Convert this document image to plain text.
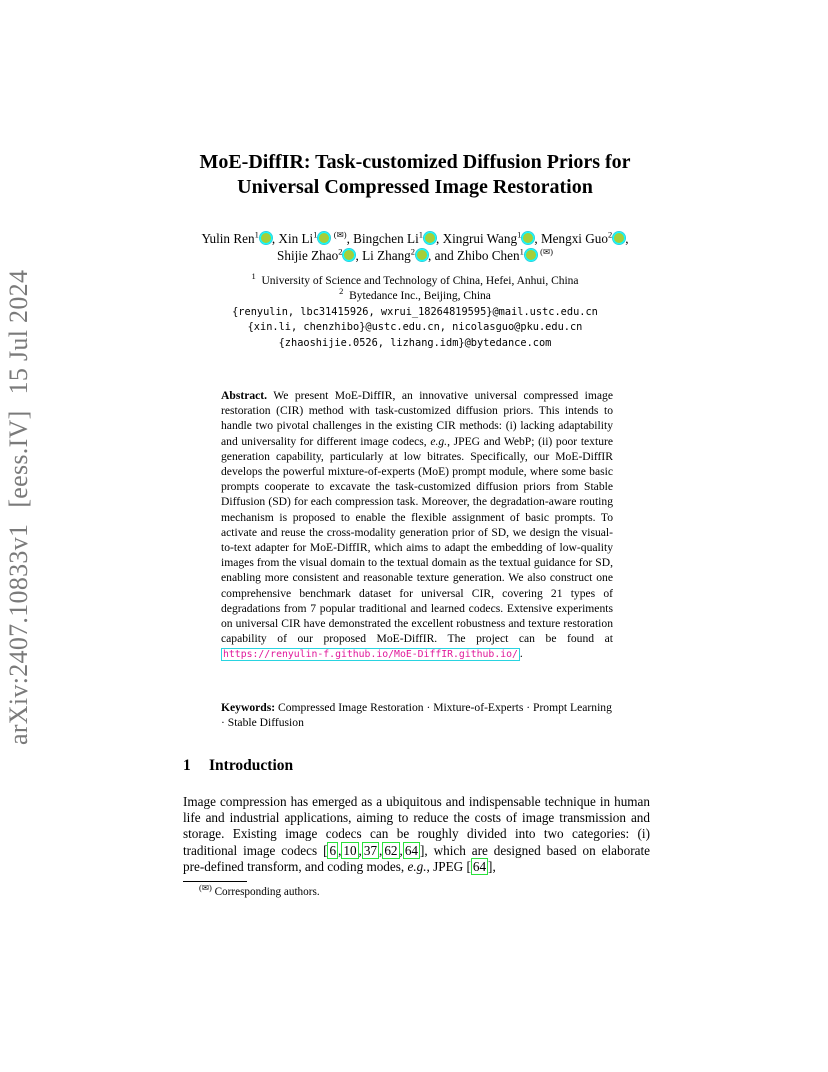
arXiv:2407.10833v1[eess.IV]15 Jul 2024
MoE-DiffIR: Task-customized Diffusion Priors for
Universal Compressed Image Restoration
Yulin Ren$^1$ , Xin Li$^1$ (✉), Bingchen Li$^1$ , Xingrui Wang$^1$ , Mengxi Guo$^2$ ,
Shijie Zhao$^2$ , Li Zhang$^2$ , and Zhibo Chen$^1$ (✉)
$^1$ University of Science and Technology of China, Hefei, Anhui, China
$^2$ Bytedance Inc., Beijing, China
{renyulin, lbc31415926, wxrui_18264819595}@mail.ustc.edu.cn
{xin.li, chenzhibo}@ustc.edu.cn, nicolasguo@pku.edu.cn
{zhaoshijie.0526, lizhang.idm}@bytedance.com
Abstract. We present MoE-DiffIR, an innovative universal compressed image restoration (CIR) method with task-customized diffusion priors. This intends to handle two pivotal challenges in the existing CIR methods: (i) lacking adaptability and universality for different image codecs, e.g., JPEG and WebP; (ii) poor texture generation capability, particularly at low bitrates. Specifically, our MoE-DiffIR develops the powerful mixture-of-experts (MoE) prompt module, where some basic prompts cooperate to excavate the task-customized diffusion priors from Stable Diffusion (SD) for each compression task. Moreover, the degradation-aware routing mechanism is proposed to enable the flexible assignment of basic prompts. To activate and reuse the cross-modality generation prior of SD, we design the visual-to-text adapter for MoE-DiffIR, which aims to adapt the embedding of low-quality images from the visual domain to the textual domain as the textual guidance for SD, enabling more consistent and reasonable texture generation. We also construct one comprehensive benchmark dataset for universal CIR, covering 21 types of degradations from 7 popular traditional and learned codecs. Extensive experiments on universal CIR have demonstrated the excellent robustness and texture restoration capability of our proposed MoE-DiffIR. The project can be found at https://renyulin-f.github.io/MoE-DiffIR.github.io/ .
Keywords: Compressed Image Restoration · Mixture-of-Experts · Prompt Learning · Stable Diffusion
1 Introduction
Image compression has emerged as a ubiquitous and indispensable technique in human life and industrial applications, aiming to reduce the costs of image transmission and storage. Existing image codecs can be roughly divided into two categories: (i) traditional image codecs [ 6 , 10 , 37 , 62 , 64 ], which are designed based on elaborate pre-defined transform, and coding modes, e.g., JPEG [ 64 ],
(✉) Corresponding authors.
